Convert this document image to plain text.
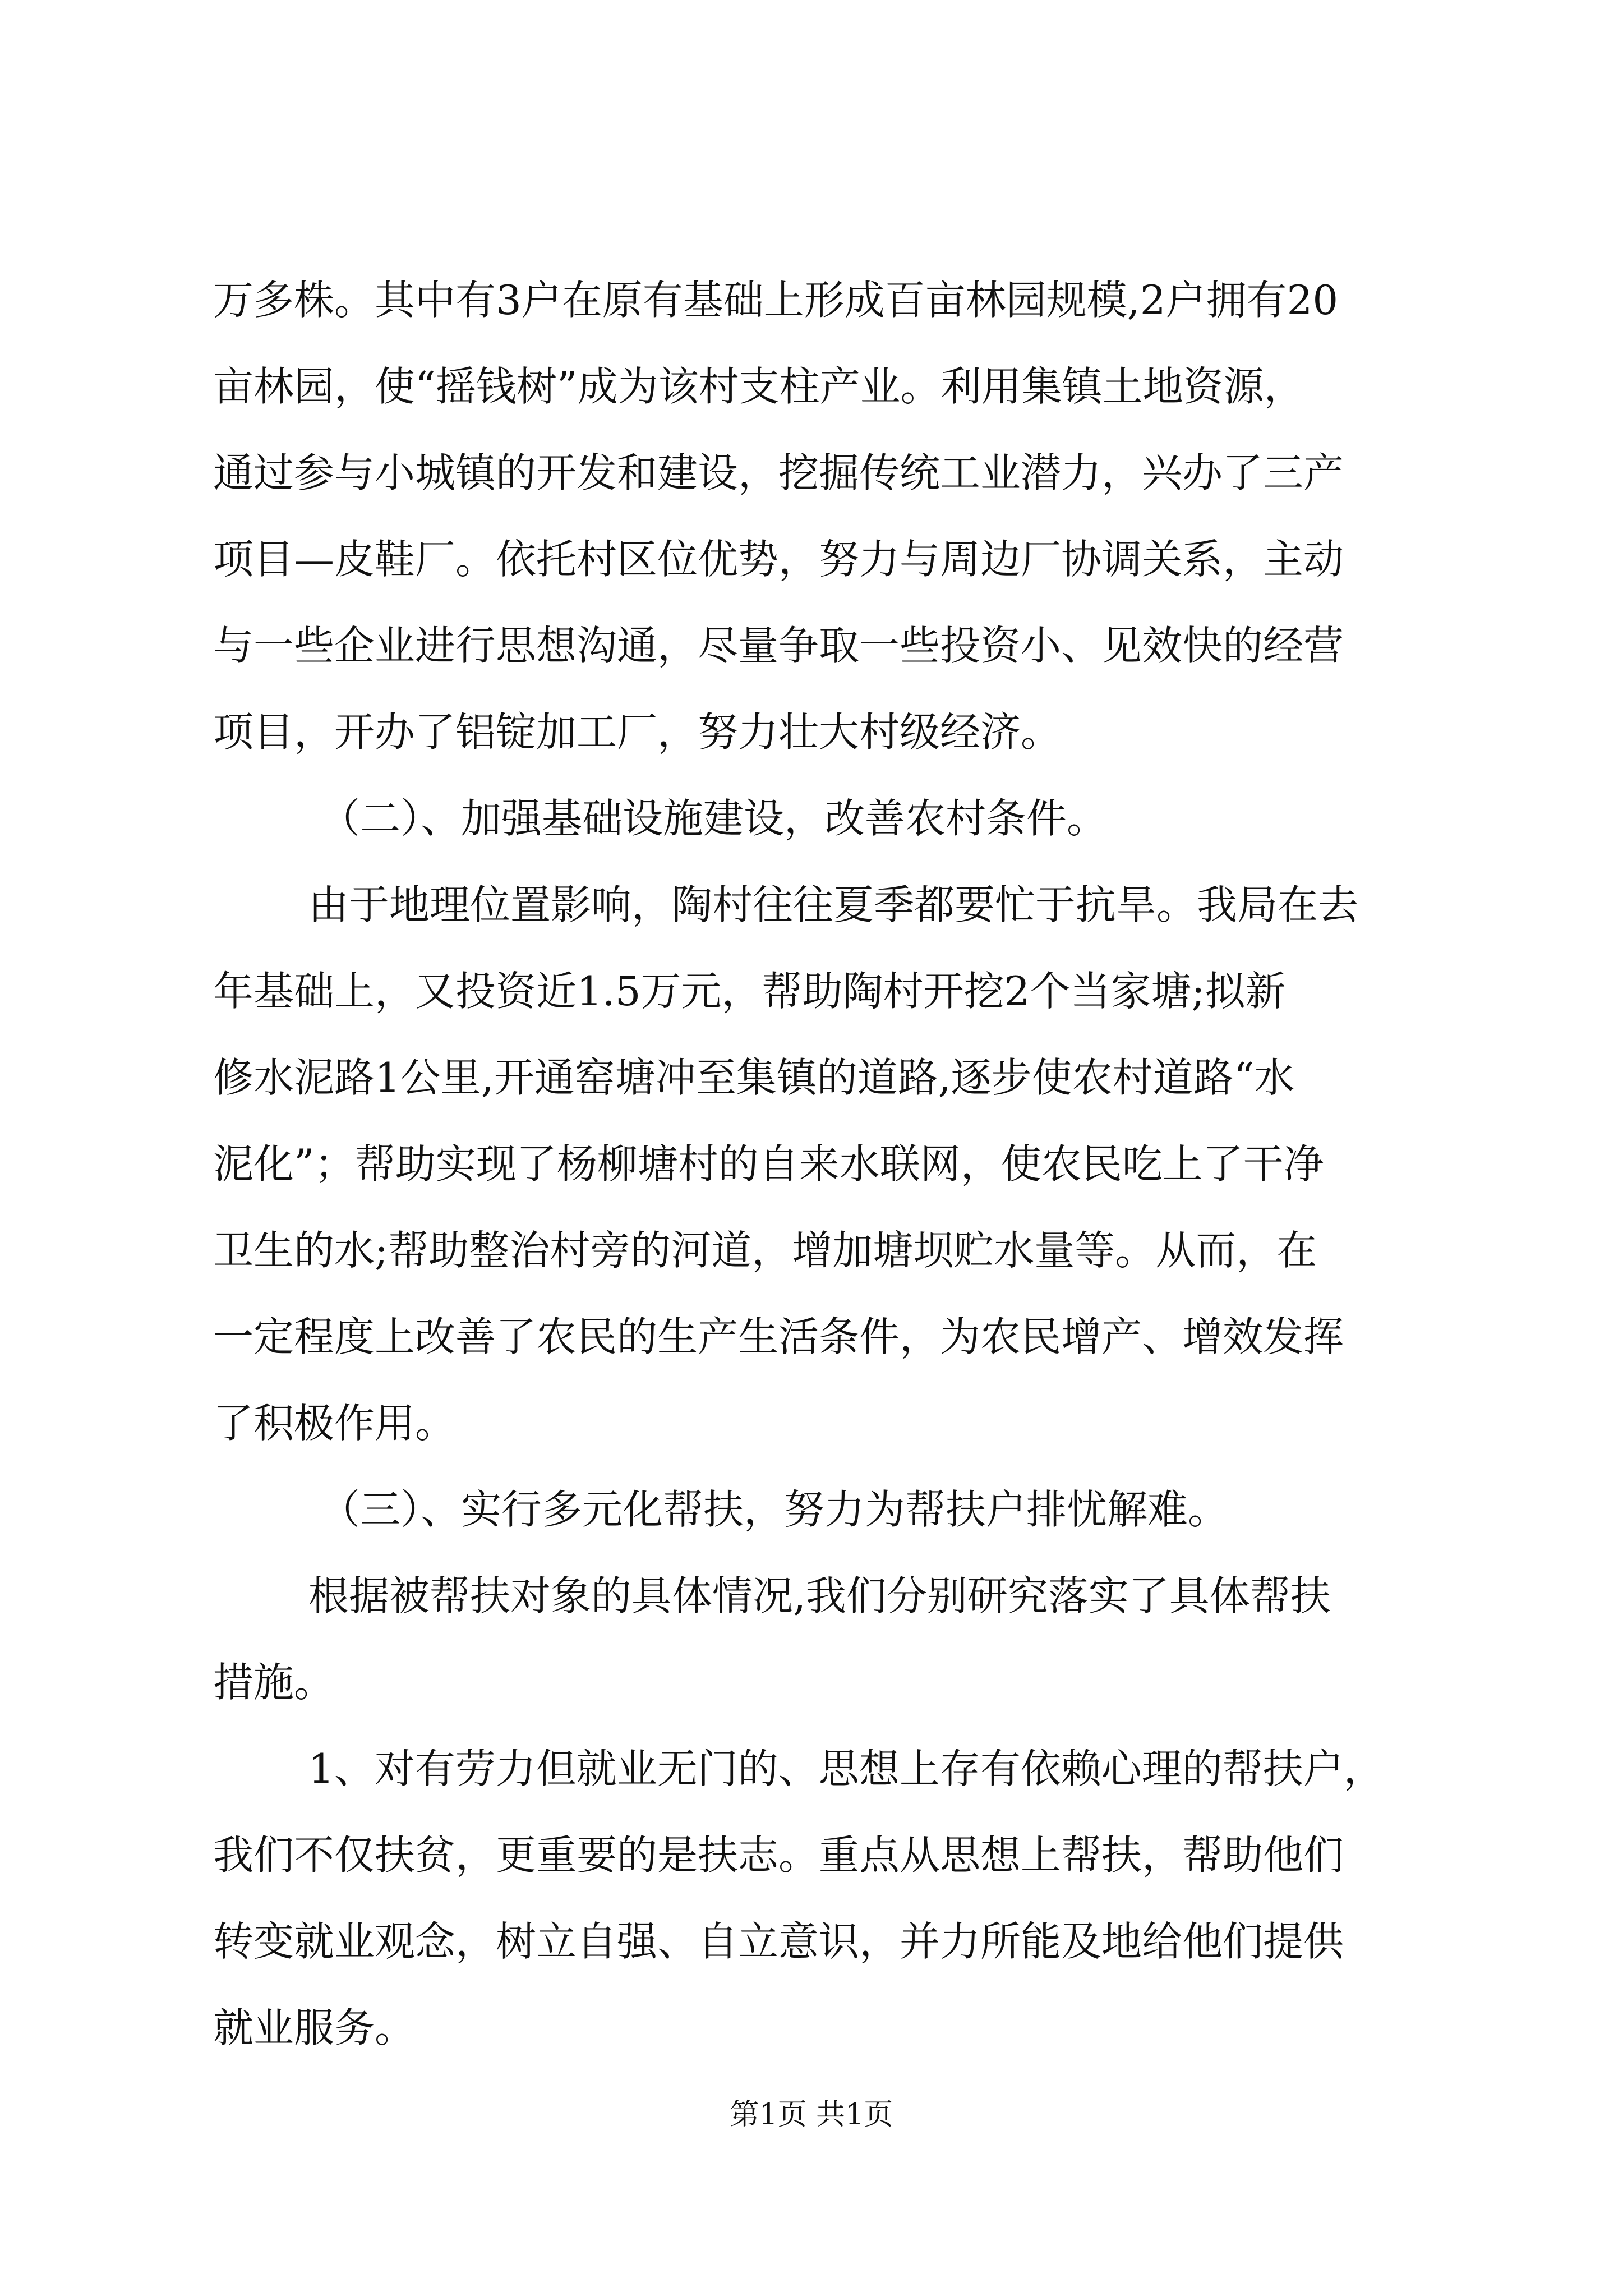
万多株。其中有3户在原有基础上形成百亩林园规模,2户拥有20
亩林园，使“摇钱树”成为该村支柱产业。利用集镇土地资源，
通过参与小城镇的开发和建设，挖掘传统工业潜力，兴办了三产
项目—皮鞋厂。依托村区位优势，努力与周边厂协调关系，主动
与一些企业进行思想沟通，尽量争取一些投资小、见效快的经营
项目，开办了铝锭加工厂，努力壮大村级经济。
（二）、加强基础设施建设，改善农村条件。
由于地理位置影响，陶村往往夏季都要忙于抗旱。我局在去
年基础上，又投资近1.5万元，帮助陶村开挖2个当家塘;拟新
修水泥路1公里,开通窑塘冲至集镇的道路,逐步使农村道路“水
泥化”；帮助实现了杨柳塘村的自来水联网，使农民吃上了干净
卫生的水;帮助整治村旁的河道，增加塘坝贮水量等。从而，在
一定程度上改善了农民的生产生活条件，为农民增产、增效发挥
了积极作用。
（三）、实行多元化帮扶，努力为帮扶户排忧解难。
根据被帮扶对象的具体情况,我们分别研究落实了具体帮扶
措施。
1、对有劳力但就业无门的、思想上存有依赖心理的帮扶户，
我们不仅扶贫，更重要的是扶志。重点从思想上帮扶，帮助他们
转变就业观念，树立自强、自立意识，并力所能及地给他们提供
就业服务。
第1页 共1页
